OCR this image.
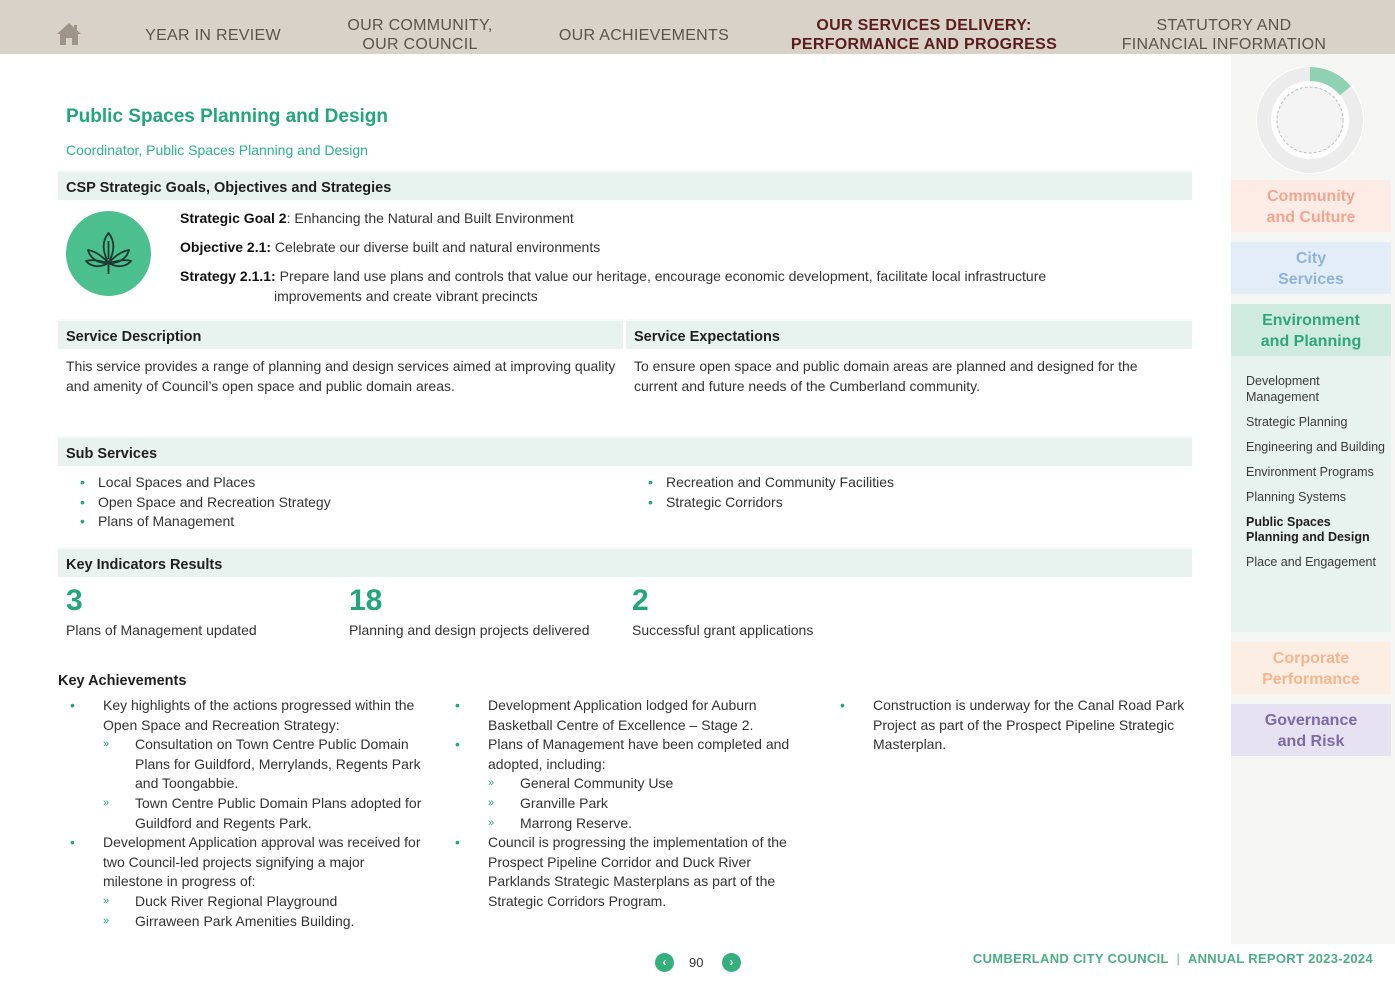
YEAR IN REVIEW
OUR COMMUNITY,
OUR COUNCIL
OUR ACHIEVEMENTS
OUR SERVICES DELIVERY:
PERFORMANCE AND PROGRESS
STATUTORY AND
FINANCIAL INFORMATION
Community
and Culture
City
Services
Environment
and Planning
Development Management
Strategic Planning
Engineering and Building
Environment Programs
Planning Systems
Public Spaces Planning and Design
Place and Engagement
Corporate
Performance
Governance
and Risk
Public Spaces Planning and Design
Coordinator, Public Spaces Planning and Design
CSP Strategic Goals, Objectives and Strategies
Strategic Goal 2: Enhancing the Natural and Built Environment
Objective 2.1: Celebrate our diverse built and natural environments
Strategy 2.1.1: Prepare land use plans and controls that value our heritage, encourage economic development, facilitate local infrastructure
improvements and create vibrant precincts
Service Description	Service Expectations
This service provides a range of planning and design services aimed at improving quality and amenity of Council’s open space and public domain areas.
To ensure open space and public domain areas are planned and designed for the current and future needs of the Cumberland community.
Sub Services
• Local Spaces and Places
• Open Space and Recreation Strategy
• Plans of Management
• Recreation and Community Facilities
• Strategic Corridors
Key Indicators Results
3
Plans of Management updated
18
Planning and design projects delivered
2
Successful grant applications
Key Achievements
• Key highlights of the actions progressed within the Open Space and Recreation Strategy:
» Consultation on Town Centre Public Domain Plans for Guildford, Merrylands, Regents Park and Toongabbie.
» Town Centre Public Domain Plans adopted for Guildford and Regents Park.
• Development Application approval was received for two Council-led projects signifying a major milestone in progress of:
» Duck River Regional Playground
» Girraween Park Amenities Building.
• Development Application lodged for Auburn Basketball Centre of Excellence – Stage 2.
• Plans of Management have been completed and adopted, including:
» General Community Use
» Granville Park
» Marrong Reserve.
• Council is progressing the implementation of the Prospect Pipeline Corridor and Duck River Parklands Strategic Masterplans as part of the Strategic Corridors Program.
• Construction is underway for the Canal Road Park Project as part of the Prospect Pipeline Strategic Masterplan.
‹	90	›	CUMBERLAND CITY COUNCIL | ANNUAL REPORT 2023-2024
